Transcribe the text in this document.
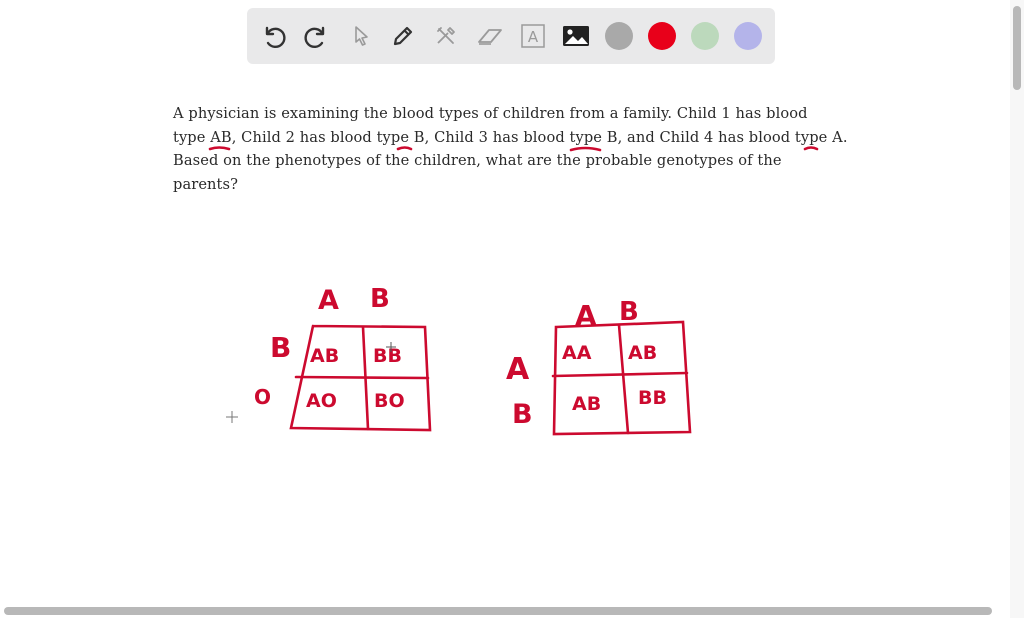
A
A physician is examining the blood types of children from a family. Child 1 has blood
type AB, Child 2 has blood type B, Child 3 has blood type B, and Child 4 has blood type A.
Based on the phenotypes of the children, what are the probable genotypes of the
parents?
A B
B
O
AB BB
AO BO
A B
A
B
AA AB
AB BB
